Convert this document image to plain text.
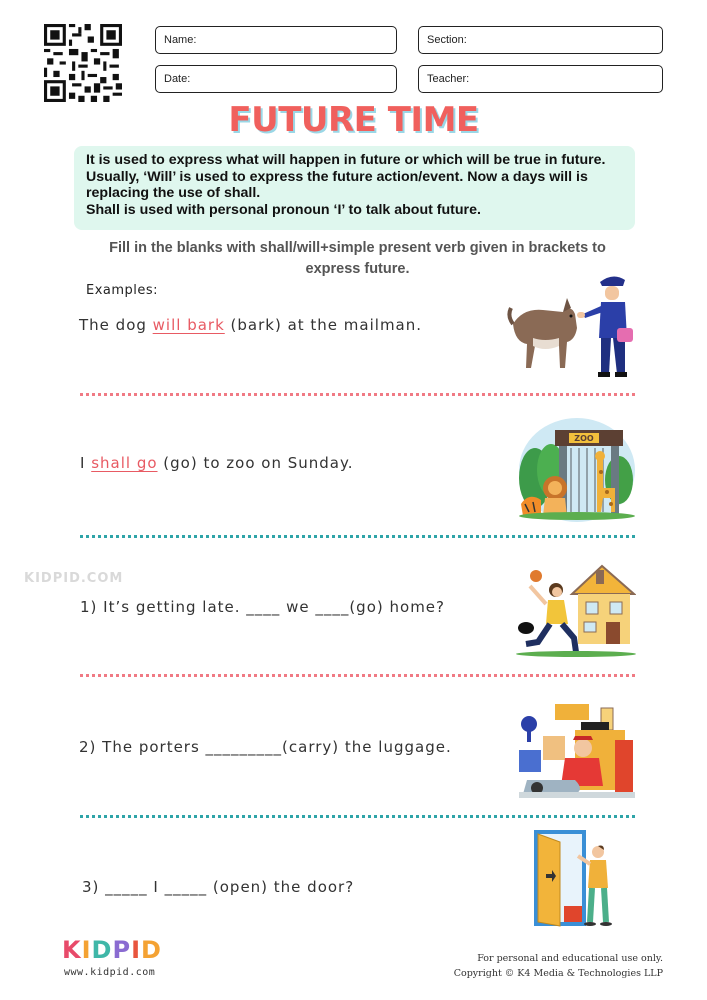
Name:	Section:
Date:	Teacher:
FUTURE TIME

It is used to express what will happen in future or which will be true in future. Usually, ‘Will’ is used to express the future action/event. Now a days will is replacing the use of shall.

Shall is used with personal pronoun ‘I’ to talk about future.

Fill in the blanks with shall/will+simple present verb given in brackets to express future.
Examples:
The dog will bark (bark) at the mailman.
I shall go (go) to zoo on Sunday.
ZOO
KIDPID.COM
1) It’s getting late. ____ we ____(go) home?
2) The porters _________(carry) the luggage.
3) _____ I _____ (open) the door?
KIDPID
www.kidpid.com
For personal and educational use only.
Copyright © K4 Media & Technologies LLP
